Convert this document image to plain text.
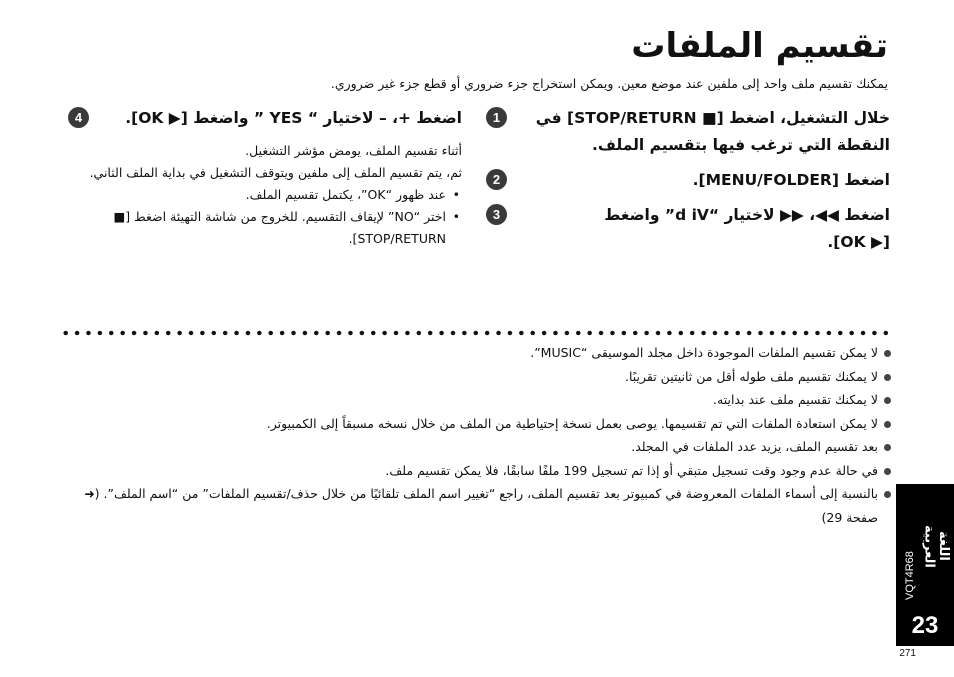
تقسيم الملفات

يمكنك تقسيم ملف واحد إلى ملفين عند موضع معين. ويمكن استخراج جزء ضروري أو قطع جزء غير ضروري.

1	خلال التشغيل، اضغط [■ STOP/RETURN] في
النقطة التي ترغب فيها بتقسيم الملف.
2	اضغط [MENU/FOLDER].
3	اضغط ◀◀، ▶▶ لاختيار “d iV” واضغط
[▶ OK].
4	اضغط +، – لاختيار “ YES ” واضغط [▶ OK].

أثناء تقسيم الملف، يومض مؤشر التشغيل.

ثم، يتم تقسيم الملف إلى ملفين ويتوقف التشغيل في بداية الملف الثاني.

• عند ظهور “OK”، يكتمل تقسيم الملف.

• اختر “NO” لإيقاف التقسيم. للخروج من شاشة التهيئة اضغط [■ STOP/RETURN].

لا يمكن تقسيم الملفات الموجودة داخل مجلد الموسيقى “MUSIC”.
لا يمكنك تقسيم ملف طوله أقل من ثانيتين تقريبًا.
لا يمكنك تقسيم ملف عند بدايته.
لا يمكن استعادة الملفات التي تم تقسيمها. يوصى بعمل نسخة إحتياطية من الملف من خلال نسخه مسبقاً إلى الكمبيوتر.
بعد تقسيم الملف، يزيد عدد الملفات في المجلد.
في حالة عدم وجود وقت تسجيل متبقي أو إذا تم تسجيل 199 ملفًا سابقًا، فلا يمكن تقسيم ملف.
بالنسبة إلى أسماء الملفات المعروضة في كمبيوتر بعد تقسيم الملف، راجع “تغيير اسم الملف تلقائيًا من خلال حذف/تقسيم الملفات” من “اسم الملف”. (➜ صفحة 29)
اللغة العربية
VQT4R68
23
271
